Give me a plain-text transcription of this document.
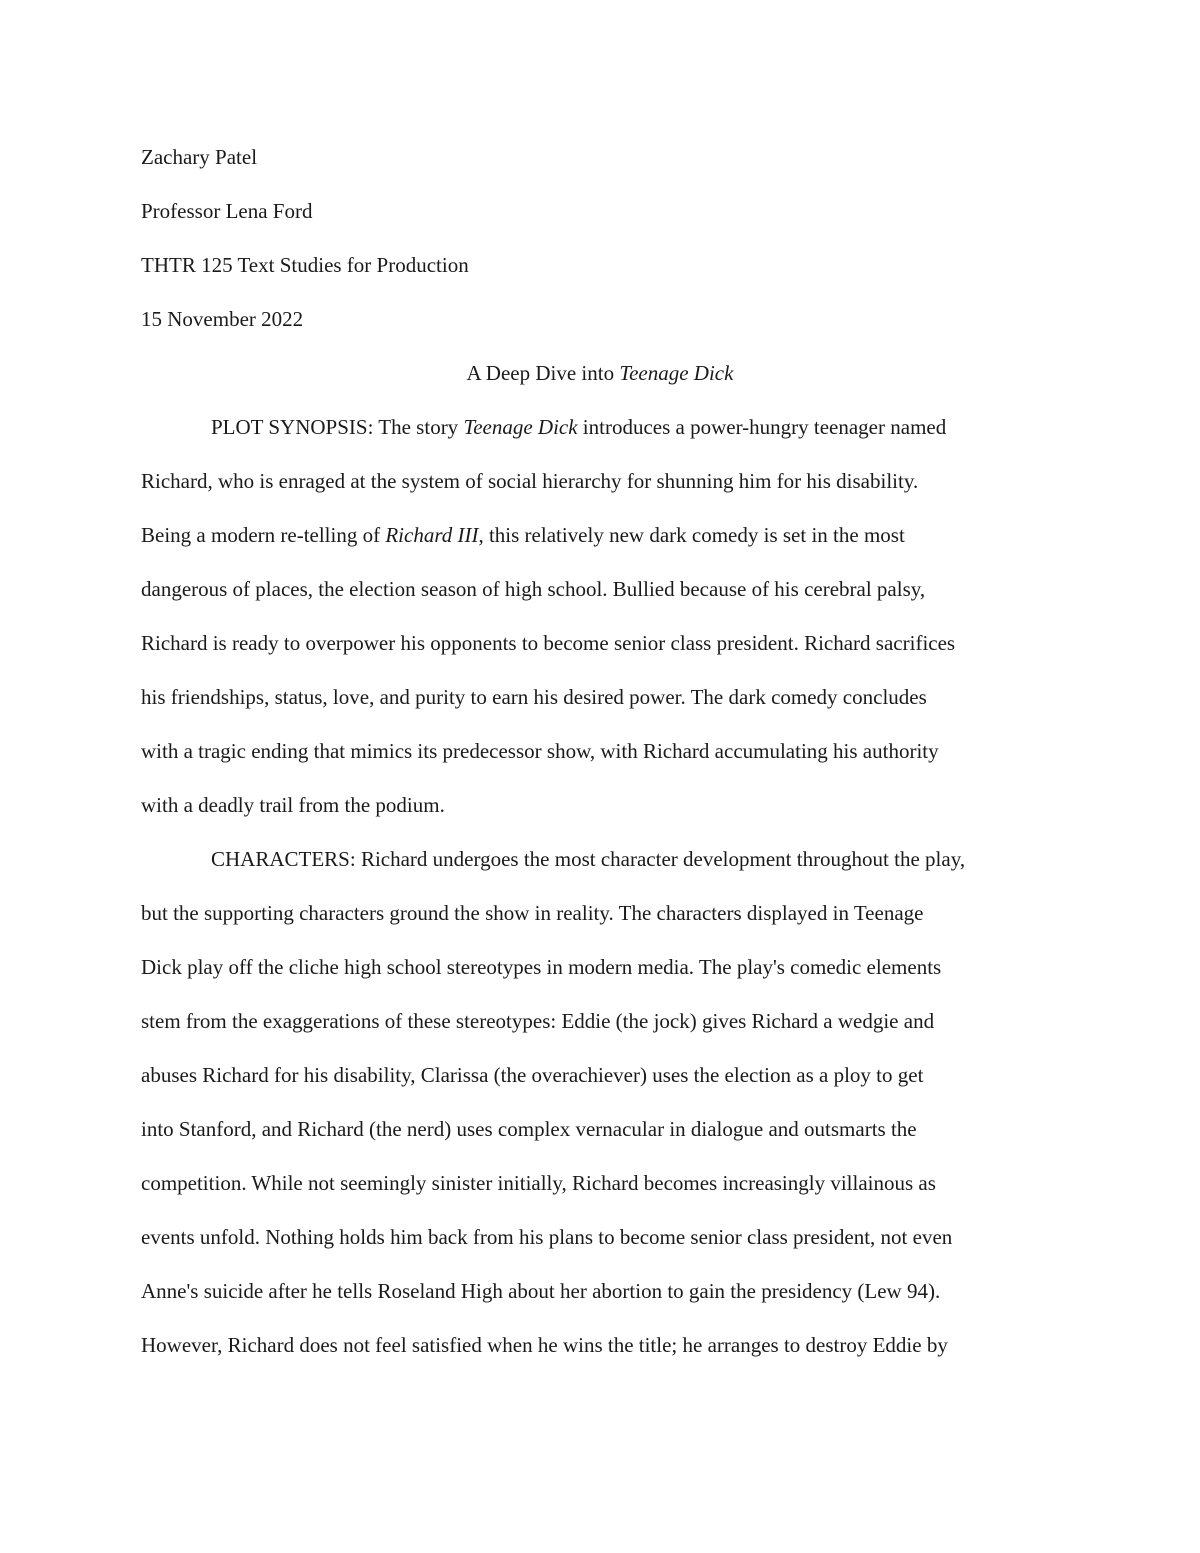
Zachary Patel
Professor Lena Ford
THTR 125 Text Studies for Production
15 November 2022
A Deep Dive into Teenage Dick
PLOT SYNOPSIS: The story Teenage Dick introduces a power-hungry teenager named
Richard, who is enraged at the system of social hierarchy for shunning him for his disability.
Being a modern re-telling of Richard III, this relatively new dark comedy is set in the most
dangerous of places, the election season of high school. Bullied because of his cerebral palsy,
Richard is ready to overpower his opponents to become senior class president. Richard sacrifices
his friendships, status, love, and purity to earn his desired power. The dark comedy concludes
with a tragic ending that mimics its predecessor show, with Richard accumulating his authority
with a deadly trail from the podium.
CHARACTERS: Richard undergoes the most character development throughout the play,
but the supporting characters ground the show in reality. The characters displayed in Teenage
Dick play off the cliche high school stereotypes in modern media. The play's comedic elements
stem from the exaggerations of these stereotypes: Eddie (the jock) gives Richard a wedgie and
abuses Richard for his disability, Clarissa (the overachiever) uses the election as a ploy to get
into Stanford, and Richard (the nerd) uses complex vernacular in dialogue and outsmarts the
competition. While not seemingly sinister initially, Richard becomes increasingly villainous as
events unfold. Nothing holds him back from his plans to become senior class president, not even
Anne's suicide after he tells Roseland High about her abortion to gain the presidency (Lew 94).
However, Richard does not feel satisfied when he wins the title; he arranges to destroy Eddie by
